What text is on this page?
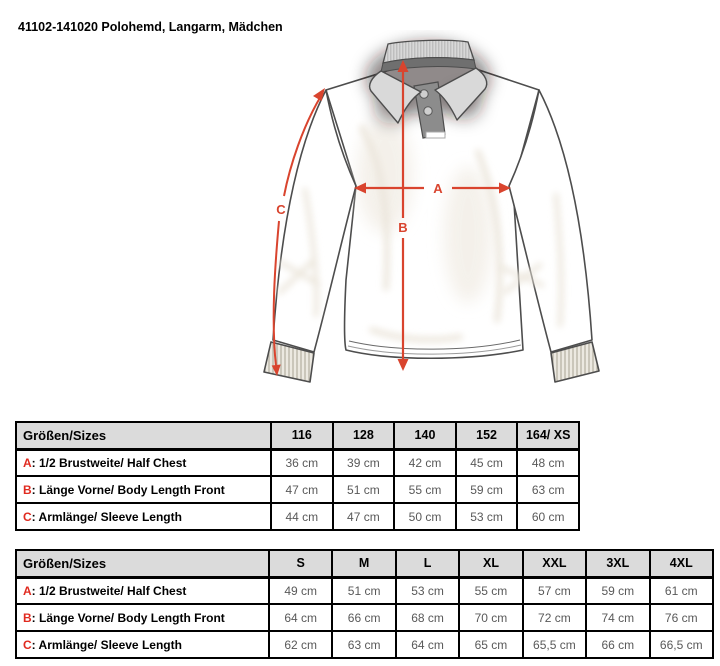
41102-141020 Polohemd, Langarm, Mädchen
A
B
C
Größen/Sizes	116	128	140	152	164/ XS
A: 1/2 Brustweite/ Half Chest	36 cm	39 cm	42 cm	45 cm	48 cm
B: Länge Vorne/ Body Length Front	47 cm	51 cm	55 cm	59 cm	63 cm
C: Armlänge/ Sleeve Length	44 cm	47 cm	50 cm	53 cm	60 cm
Größen/Sizes	S	M	L	XL	XXL	3XL	4XL
A: 1/2 Brustweite/ Half Chest	49 cm	51 cm	53 cm	55 cm	57 cm	59 cm	61 cm
B: Länge Vorne/ Body Length Front	64 cm	66 cm	68 cm	70 cm	72 cm	74 cm	76 cm
C: Armlänge/ Sleeve Length	62 cm	63 cm	64 cm	65 cm	65,5 cm	66 cm	66,5 cm
